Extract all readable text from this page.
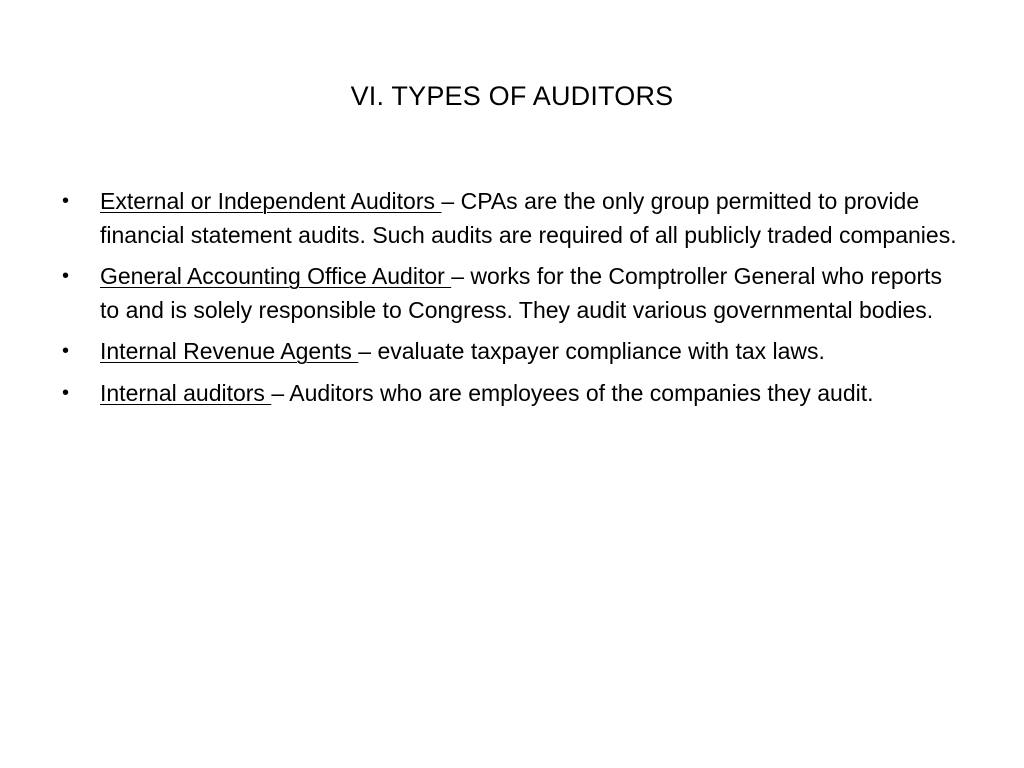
VI. TYPES OF AUDITORS
•	External or Independent Auditors – CPAs are the only group permitted to provide financial statement audits. Such audits are required of all publicly traded companies.
•	General Accounting Office Auditor – works for the Comptroller General who reports to and is solely responsible to Congress. They audit various governmental bodies.
•	Internal Revenue Agents – evaluate taxpayer compliance with tax laws.
•	Internal auditors – Auditors who are employees of the companies they audit.
